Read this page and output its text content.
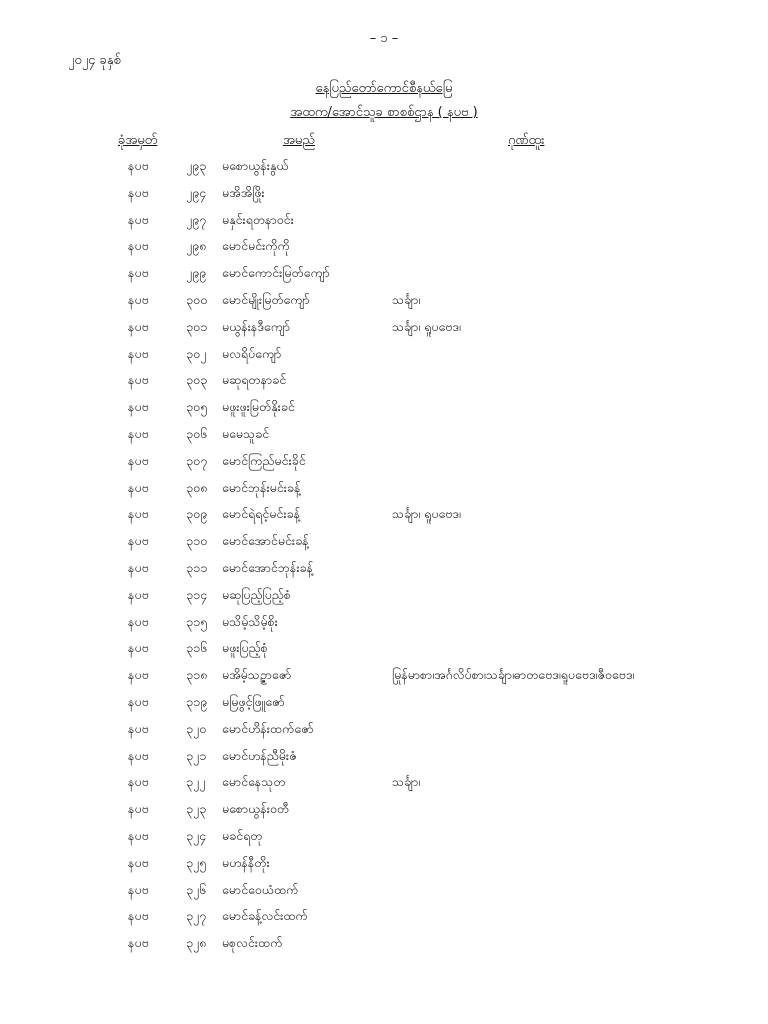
– ၁ –
၂၀၂၄ ခုနှစ်
နေပြည်တော်ကောင်စီနယ်မြေ
အထက/အောင်သူခ စာစစ်ဌာန ( နပဗ )
ခုံအမှတ်	အမည်	ဂုဏ်ထူး
နပဗ	၂၉၃ မစောယွန်းနွယ်
နပဗ	၂၉၄ မအိအိဖြိုး
နပဗ	၂၉၇ မနှင်းရတနာဝင်း
နပဗ	၂၉၈ မောင်မင်းကိုကို
နပဗ	၂၉၉ မောင်ကောင်းမြတ်ကျော်
နပဗ	၃၀၀ မောင်မျိုးမြတ်ကျော်	သင်္ချာ၊
နပဗ	၃၀၁ မယွန်းနဒီကျော်	သင်္ချာ၊ ရူပဗေဒ၊
နပဗ	၃၀၂ မလရိပ်ကျော်
နပဗ	၃၀၃ မဆုရတနာခင်
နပဗ	၃၀၅ မဖူးဖူးမြတ်နိုးခင်
နပဗ	၃၀၆ မမေသူခင်
နပဗ	၃၀၇ မောင်ကြည်မင်းခိုင်
နပဗ	၃၀၈ မောင်ဘုန်းမင်းခန့်
နပဗ	၃၀၉ မောင်ရဲရင့်မင်းခန့်	သင်္ချာ၊ ရူပဗေဒ၊
နပဗ	၃၁၀ မောင်အောင်မင်းခန့်
နပဗ	၃၁၁ မောင်အောင်ဘုန်းခန့်
နပဗ	၃၁၄ မဆုပြည့်ပြည့်စံ
နပဗ	၃၁၅ မသိမ့်သိမ့်စိုး
နပဗ	၃၁၆ မဖူးပြည့်စုံ
နပဗ	၃၁၈ မအိမ့်သဉ္ဇာဇော်	မြန်မာစာ၊အင်္ဂလိပ်စာ၊သင်္ချာ၊ဓာတုဗေဒ၊ရူပဗေဒ၊ဇီဝဗေဒ၊
နပဗ	၃၁၉ မမြဖွင့်ဖြူဇော်
နပဗ	၃၂၀ မောင်ဟိန်းထက်ဇော်
နပဗ	၃၂၁ မောင်ဟန်ညီမိုးဇံ
နပဗ	၃၂၂ မောင်နေသုတ	သင်္ချာ၊
နပဗ	၃၂၃ မစောယွန်းဝတီ
နပဗ	၃၂၄ မခင်ရတု
နပဗ	၃၂၅ မဟန်နီတိုး
နပဗ	၃၂၆ မောင်ဝေယံထက်
နပဗ	၃၂၇ မောင်ခန့်လင်းထက်
နပဗ	၃၂၈ မစုလင်းထက်
